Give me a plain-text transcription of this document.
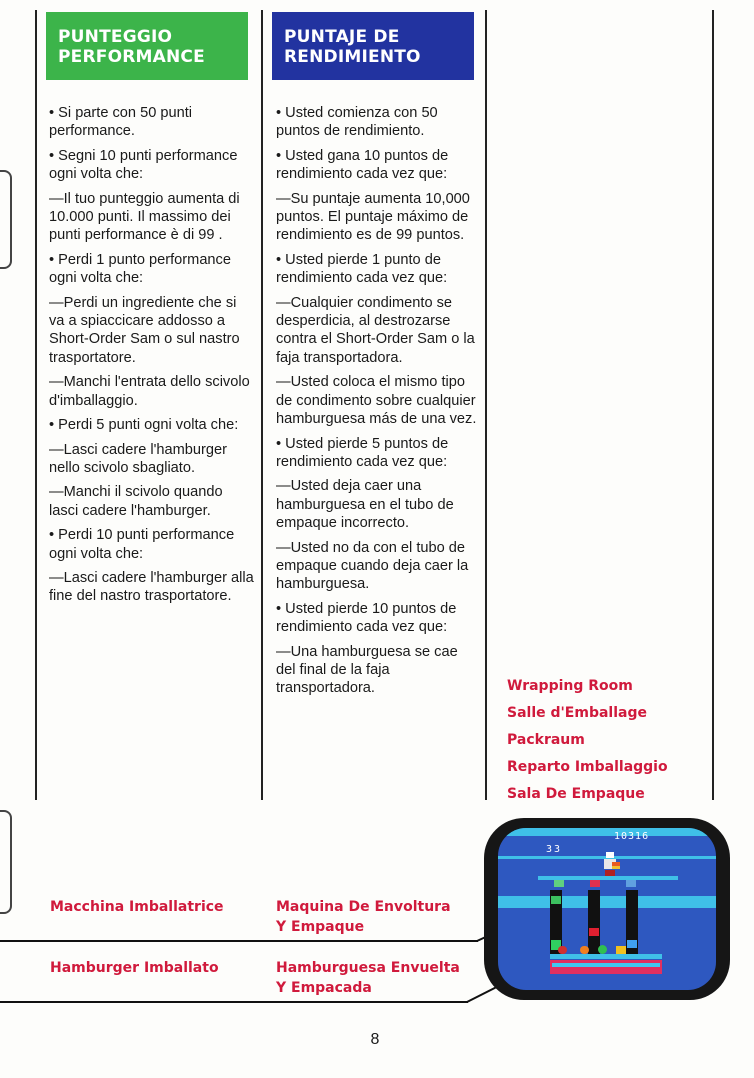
PUNTEGGIO
PERFORMANCE
PUNTAJE DE
RENDIMIENTO

• Si parte con 50 punti performance.

• Segni 10 punti performance ogni volta che:

—Il tuo punteggio aumenta di 10.000 punti. Il massimo dei punti performance è di 99 .

• Perdi 1 punto performance ogni volta che:

—Perdi un ingrediente che si va a spiaccicare addosso a Short-Order Sam o sul nastro trasportatore.

—Manchi l'entrata dello scivolo d'imballaggio.

• Perdi 5 punti ogni volta che:

—Lasci cadere l'hamburger nello scivolo sbagliato.

—Manchi il scivolo quando lasci cadere l'hamburger.

• Perdi 10 punti performance ogni volta che:

—Lasci cadere l'hamburger alla fine del nastro trasportatore.

• Usted comienza con 50 puntos de rendimiento.

• Usted gana 10 puntos de rendimiento cada vez que:

—Su puntaje aumenta 10,000 puntos. El puntaje máximo de rendimiento es de 99 puntos.

• Usted pierde 1 punto de rendimiento cada vez que:

—Cualquier condimento se desperdicia, al destrozarse contra el Short-Order Sam o la faja transportadora.

—Usted coloca el mismo tipo de condimento sobre cualquier hamburguesa más de una vez.

• Usted pierde 5 puntos de rendimiento cada vez que:

—Usted deja caer una hamburguesa en el tubo de empaque incorrecto.

—Usted no da con el tubo de empaque cuando deja caer la hamburguesa.

• Usted pierde 10 puntos de rendimiento cada vez que:

—Una hamburguesa se cae del final de la faja transportadora.	Wrapping Room
Salle d'Emballage
Packraum
Reparto Imballaggio
Sala De Empaque
Macchina Imballatrice	Maquina De Envoltura
Y Empaque
Hamburger Imballato	Hamburguesa Envuelta
Y Empacada
10316
33
8
